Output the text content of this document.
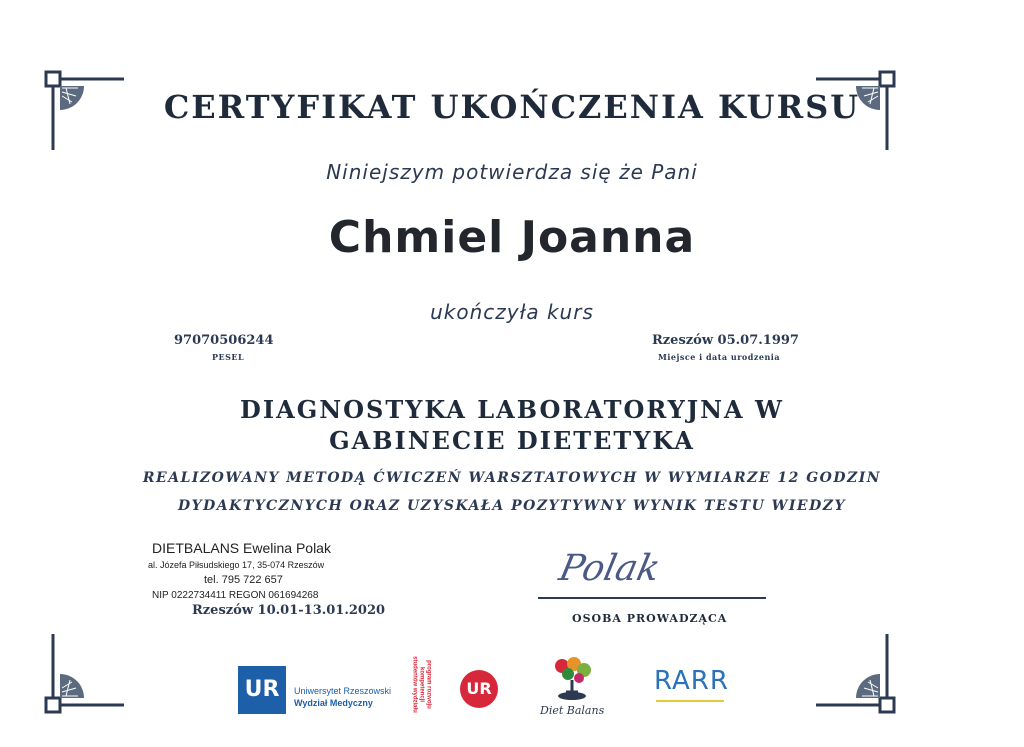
CERTYFIKAT UKOŃCZENIA KURSU
Niniejszym potwierdza się że Pani
Chmiel Joanna
ukończyła kurs
97070506244
PESEL
Rzeszów 05.07.1997
Miejsce i data urodzenia
DIAGNOSTYKA LABORATORYJNA W
GABINECIE DIETETYKA
REALIZOWANY METODĄ ĆWICZEŃ WARSZTATOWYCH W WYMIARZE 12 GODZIN
DYDAKTYCZNYCH ORAZ UZYSKAŁA POZYTYWNY WYNIK TESTU WIEDZY
DIETBALANS Ewelina Polak
al. Józefa Piłsudskiego 17, 35-074 Rzeszów
tel. 795 722 657
NIP 0222734411 REGON 061694268
Rzeszów 10.01-13.01.2020
Polak
OSOBA PROWADZĄCA
UR	Uniwersytet Rzeszowski
Wydział Medyczny	program rozwoju kompetencji studentów wydziału	UR
Diet Balans
RARR
